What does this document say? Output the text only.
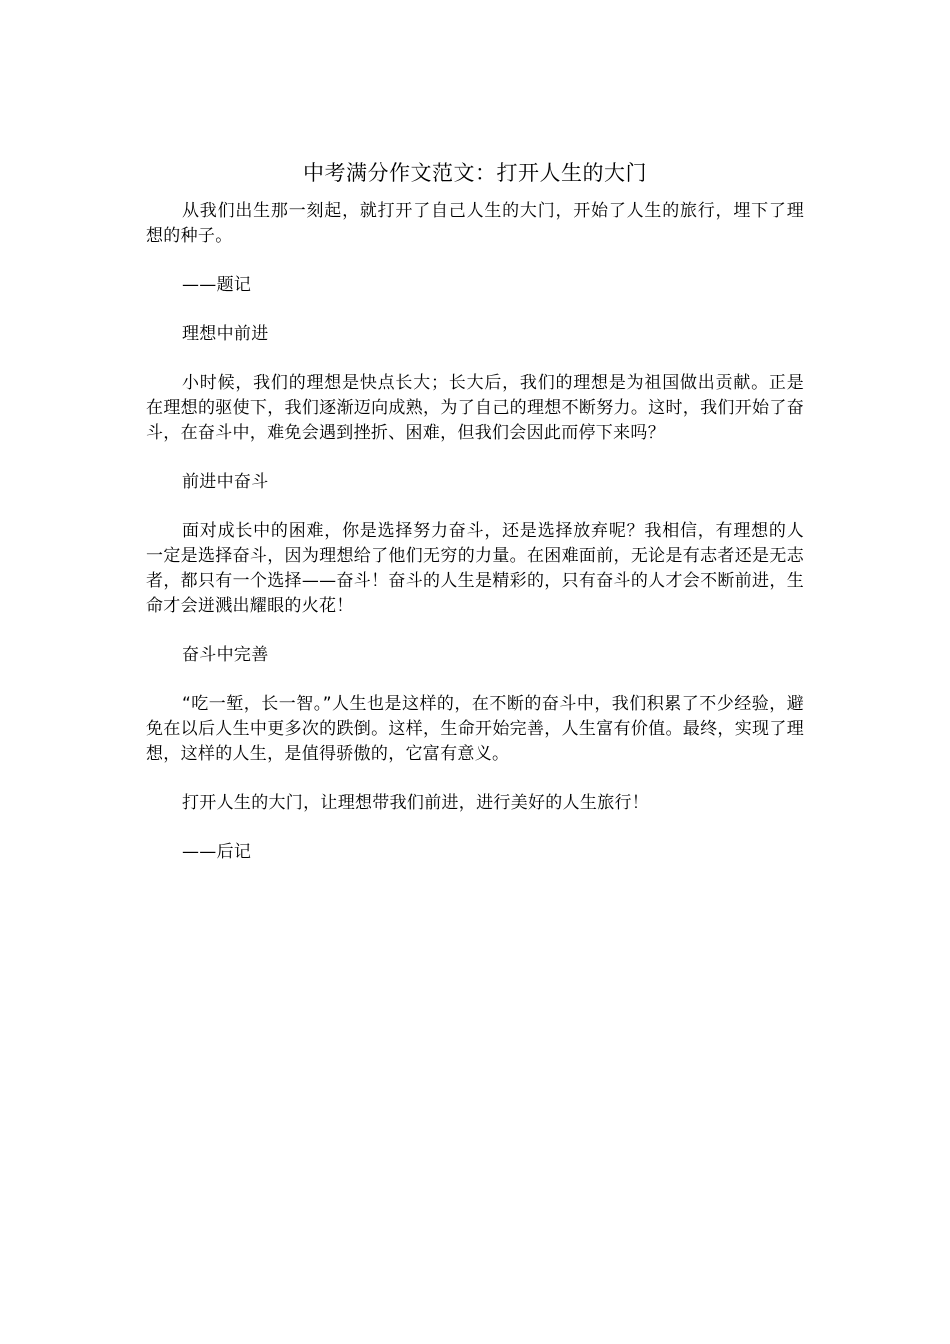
中考满分作文范文：打开人生的大门

从我们出生那一刻起，就打开了自己人生的大门，开始了人生的旅行，埋下了理想的种子。

——题记

理想中前进

小时候，我们的理想是快点长大；长大后，我们的理想是为祖国做出贡献。正是在理想的驱使下，我们逐渐迈向成熟，为了自己的理想不断努力。这时，我们开始了奋斗，在奋斗中，难免会遇到挫折、困难，但我们会因此而停下来吗？

前进中奋斗

面对成长中的困难，你是选择努力奋斗，还是选择放弃呢？我相信，有理想的人一定是选择奋斗，因为理想给了他们无穷的力量。在困难面前，无论是有志者还是无志者，都只有一个选择——奋斗！奋斗的人生是精彩的，只有奋斗的人才会不断前进，生命才会迸溅出耀眼的火花！

奋斗中完善

“吃一堑，长一智。”人生也是这样的，在不断的奋斗中，我们积累了不少经验，避免在以后人生中更多次的跌倒。这样，生命开始完善，人生富有价值。最终，实现了理想，这样的人生，是值得骄傲的，它富有意义。

打开人生的大门，让理想带我们前进，进行美好的人生旅行！

——后记
